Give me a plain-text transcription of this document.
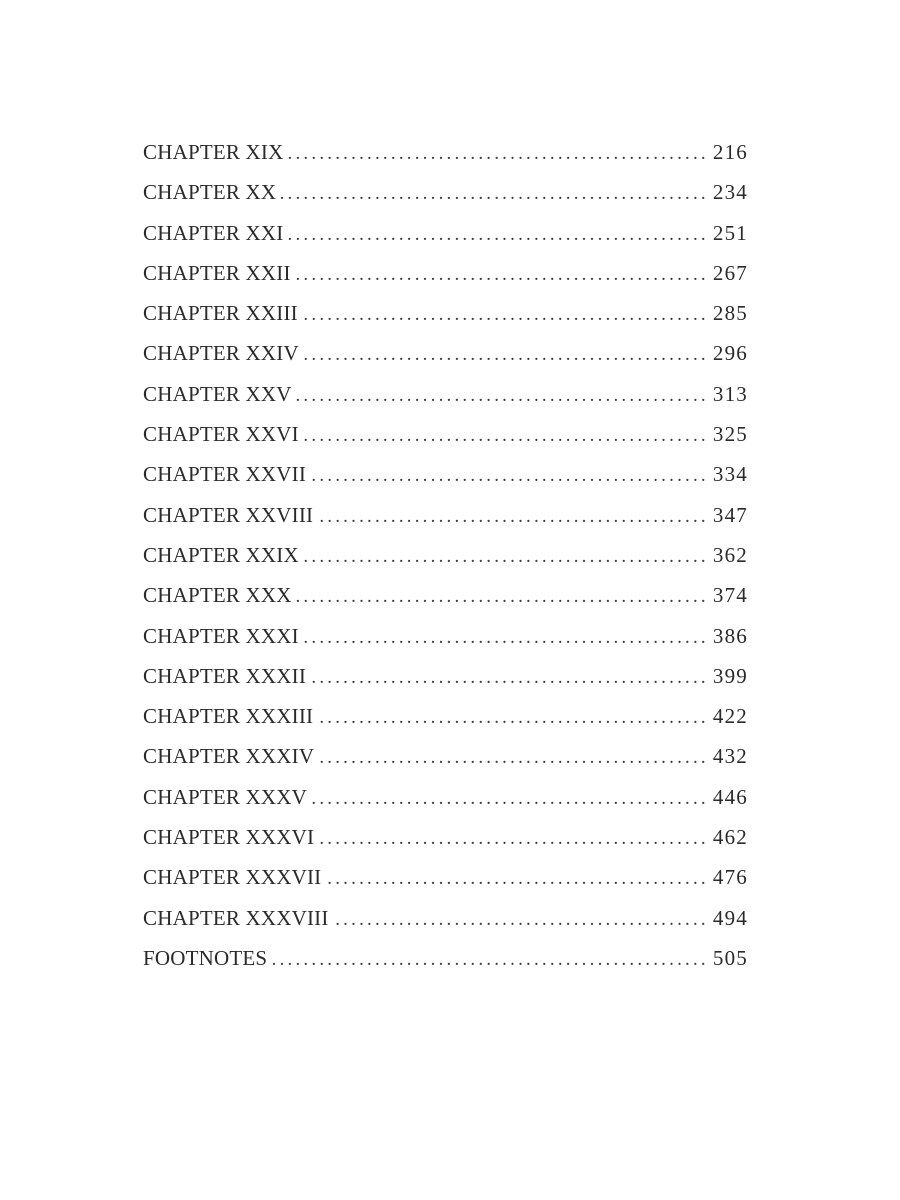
CHAPTER XIX .....	216
CHAPTER XX .....	234
CHAPTER XXI .....	251
CHAPTER XXII .....	267
CHAPTER XXIII .....	285
CHAPTER XXIV .....	296
CHAPTER XXV .....	313
CHAPTER XXVI .....	325
CHAPTER XXVII .....	334
CHAPTER XXVIII .....	347
CHAPTER XXIX .....	362
CHAPTER XXX .....	374
CHAPTER XXXI .....	386
CHAPTER XXXII .....	399
CHAPTER XXXIII .....	422
CHAPTER XXXIV .....	432
CHAPTER XXXV .....	446
CHAPTER XXXVI .....	462
CHAPTER XXXVII .....	476
CHAPTER XXXVIII .....	494
FOOTNOTES .....	505
